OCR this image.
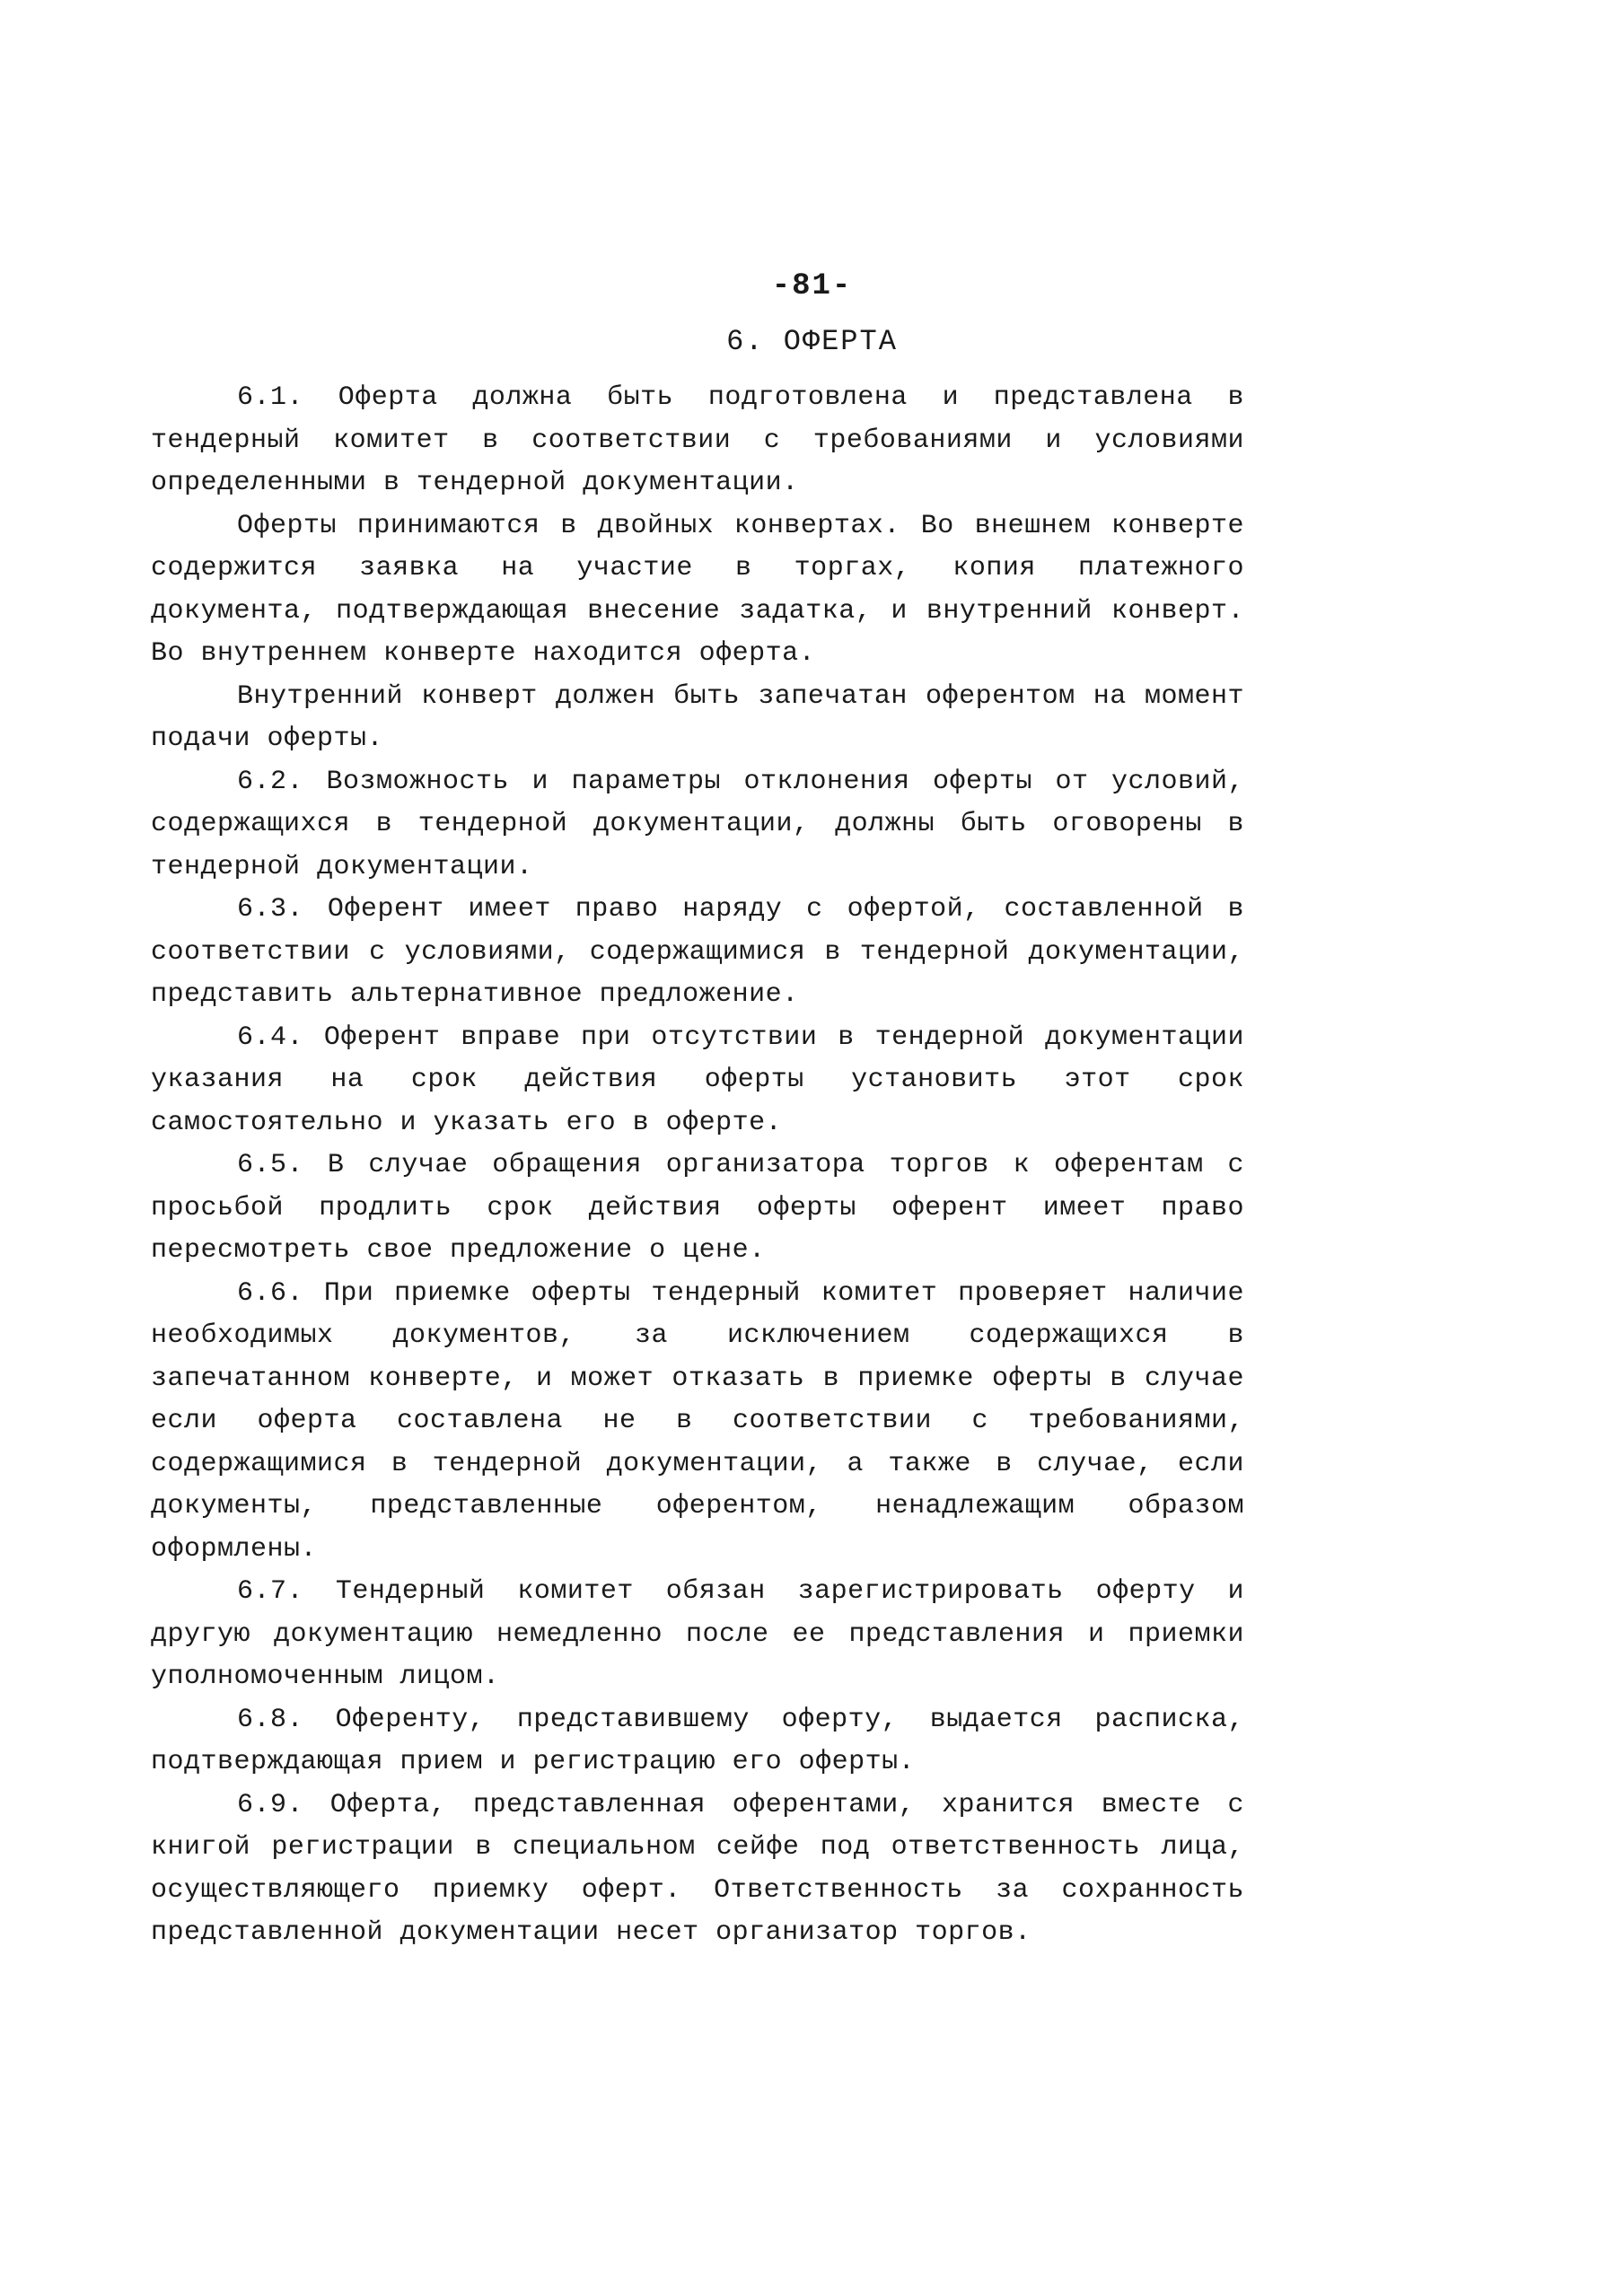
-81-
6. ОФЕРТА

6.1. Оферта должна быть подготовлена и представлена в тендерный комитет в соответствии с требованиями и условиями определенными в тендерной документации.

Оферты принимаются в двойных конвертах. Во внешнем конверте содержится заявка на участие в торгах, копия платежного документа, подтверждающая внесение задатка, и внутренний конверт. Во внутреннем конверте находится оферта.

Внутренний конверт должен быть запечатан оферентом на момент подачи оферты.

6.2. Возможность и параметры отклонения оферты от условий, содержащихся в тендерной документации, должны быть оговорены в тендерной документации.

6.3. Оферент имеет право наряду с офертой, составленной в соответствии с условиями, содержащимися в тендерной документации, представить альтернативное предложение.

6.4. Оферент вправе при отсутствии в тендерной документации указания на срок действия оферты установить этот срок самостоятельно и указать его в оферте.

6.5. В случае обращения организатора торгов к оферентам с просьбой продлить срок действия оферты оферент имеет право пересмотреть свое предложение о цене.

6.6. При приемке оферты тендерный комитет проверяет наличие необходимых документов, за исключением содержащихся в запечатанном конверте, и может отказать в приемке оферты в случае если оферта составлена не в соответствии с требованиями, содержащимися в тендерной документации, а также в случае, если документы, представленные оферентом, ненадлежащим образом оформлены.

6.7. Тендерный комитет обязан зарегистрировать оферту и другую документацию немедленно после ее представления и приемки уполномоченным лицом.

6.8. Оференту, представившему оферту, выдается расписка, подтверждающая прием и регистрацию его оферты.

6.9. Оферта, представленная оферентами, хранится вместе с книгой регистрации в специальном сейфе под ответственность лица, осуществляющего приемку оферт. Ответственность за сохранность представленной документации несет организатор торгов.
